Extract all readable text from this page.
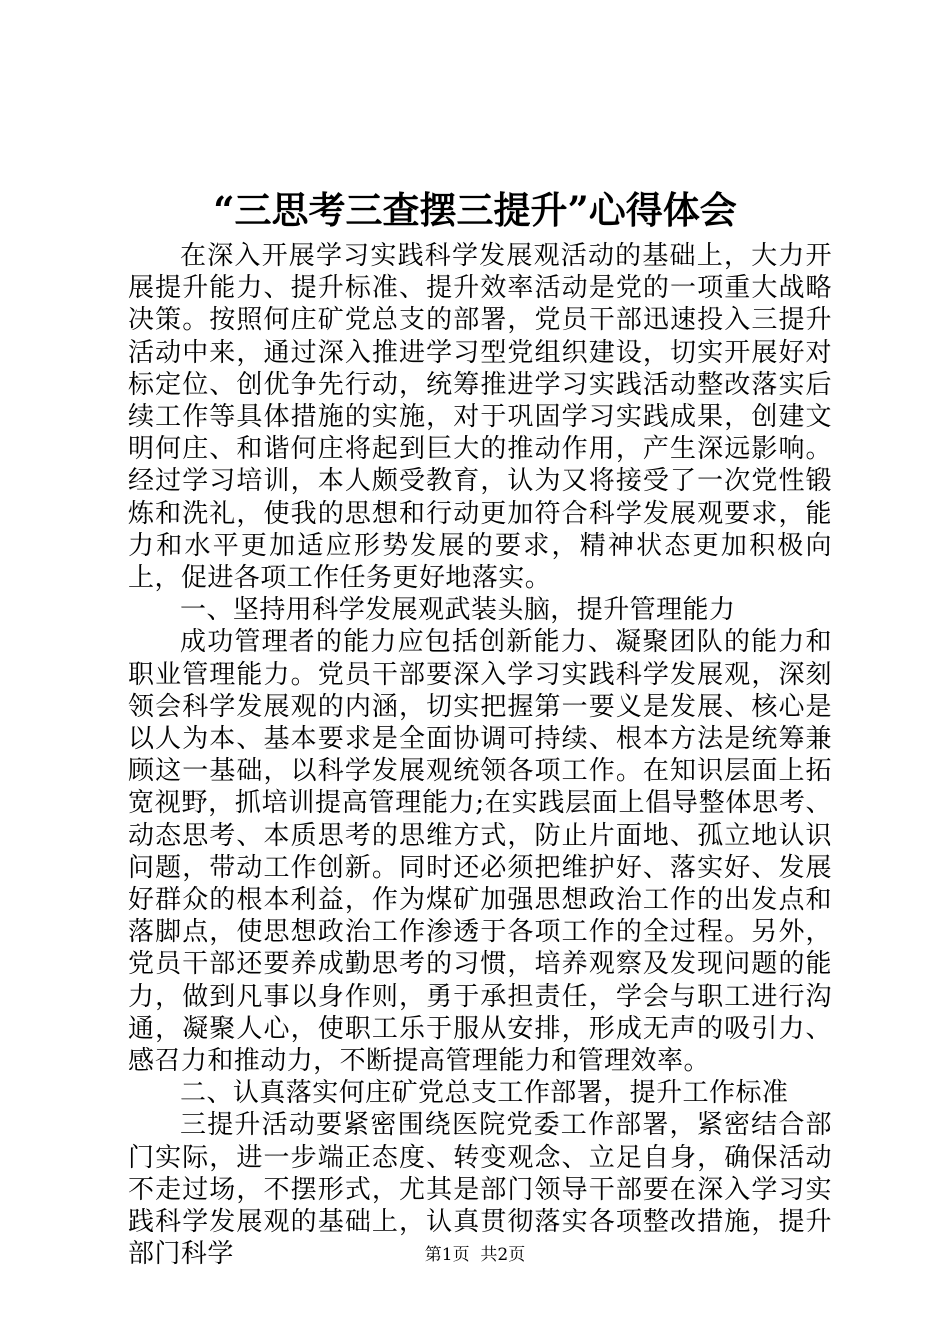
“三思考三查摆三提升”心得体会

在深入开展学习实践科学发展观活动的基础上，大力开展提升能力、提升标准、提升效率活动是党的一项重大战略决策。按照何庄矿党总支的部署，党员干部迅速投入三提升活动中来，通过深入推进学习型党组织建设，切实开展好对标定位、创优争先行动，统筹推进学习实践活动整改落实后续工作等具体措施的实施，对于巩固学习实践成果，创建文明何庄、和谐何庄将起到巨大的推动作用，产生深远影响。经过学习培训，本人颇受教育，认为又将接受了一次党性锻炼和洗礼，使我的思想和行动更加符合科学发展观要求，能力和水平更加适应形势发展的要求，精神状态更加积极向上，促进各项工作任务更好地落实。

一、坚持用科学发展观武装头脑，提升管理能力

成功管理者的能力应包括创新能力、凝聚团队的能力和职业管理能力。党员干部要深入学习实践科学发展观，深刻领会科学发展观的内涵，切实把握第一要义是发展、核心是以人为本、基本要求是全面协调可持续、根本方法是统筹兼顾这一基础，以科学发展观统领各项工作。在知识层面上拓宽视野，抓培训提高管理能力;在实践层面上倡导整体思考、动态思考、本质思考的思维方式，防止片面地、孤立地认识问题，带动工作创新。同时还必须把维护好、落实好、发展好群众的根本利益，作为煤矿加强思想政治工作的出发点和落脚点，使思想政治工作渗透于各项工作的全过程。另外，党员干部还要养成勤思考的习惯，培养观察及发现问题的能力，做到凡事以身作则，勇于承担责任，学会与职工进行沟通，凝聚人心，使职工乐于服从安排，形成无声的吸引力、感召力和推动力，不断提高管理能力和管理效率。

二、认真落实何庄矿党总支工作部署，提升工作标准

三提升活动要紧密围绕医院党委工作部署，紧密结合部门实际，进一步端正态度、转变观念、立足自身，确保活动不走过场，不摆形式，尤其是部门领导干部要在深入学习实践科学发展观的基础上，认真贯彻落实各项整改措施，提升部门科学	第1页 共2页
